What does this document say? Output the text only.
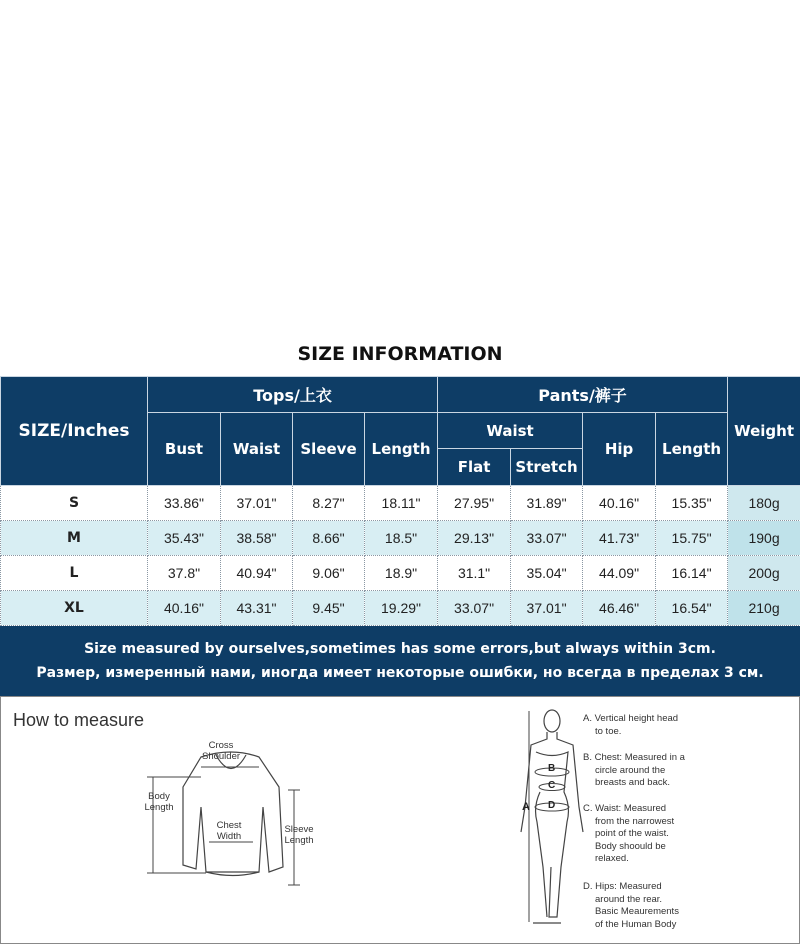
SIZE INFORMATION
SIZE/Inches	Tops/上衣				Pants/裤子				Weight
	Bust	Waist	Sleeve	Length	Waist		Hip	Length	
					Flat	Stretch			
S	33.86"	37.01"	8.27"	18.11"	27.95"	31.89"	40.16"	15.35"	180g
M	35.43"	38.58"	8.66"	18.5"	29.13"	33.07"	41.73"	15.75"	190g
L	37.8"	40.94"	9.06"	18.9"	31.1"	35.04"	44.09"	16.14"	200g
XL	40.16"	43.31"	9.45"	19.29"	33.07"	37.01"	46.46"	16.54"	210g
Size measured by ourselves,sometimes has some errors,but always within 3cm.
Размер, измеренный нами, иногда имеет некоторые ошибки, но всегда в пределах 3 см.
A
B
C
D
How to measure
Cross
Shoulder
Body
Length
Chest
Width
Sleeve
Length
A. Vertical height head
to toe.
B. Chest: Measured in a
circle around the
breasts and back.
C. Waist: Measured
from the narrowest
point of the waist.
Body shoould be
relaxed.
D. Hips: Measured
around the rear.
Basic Meaurements
of the Human Body
